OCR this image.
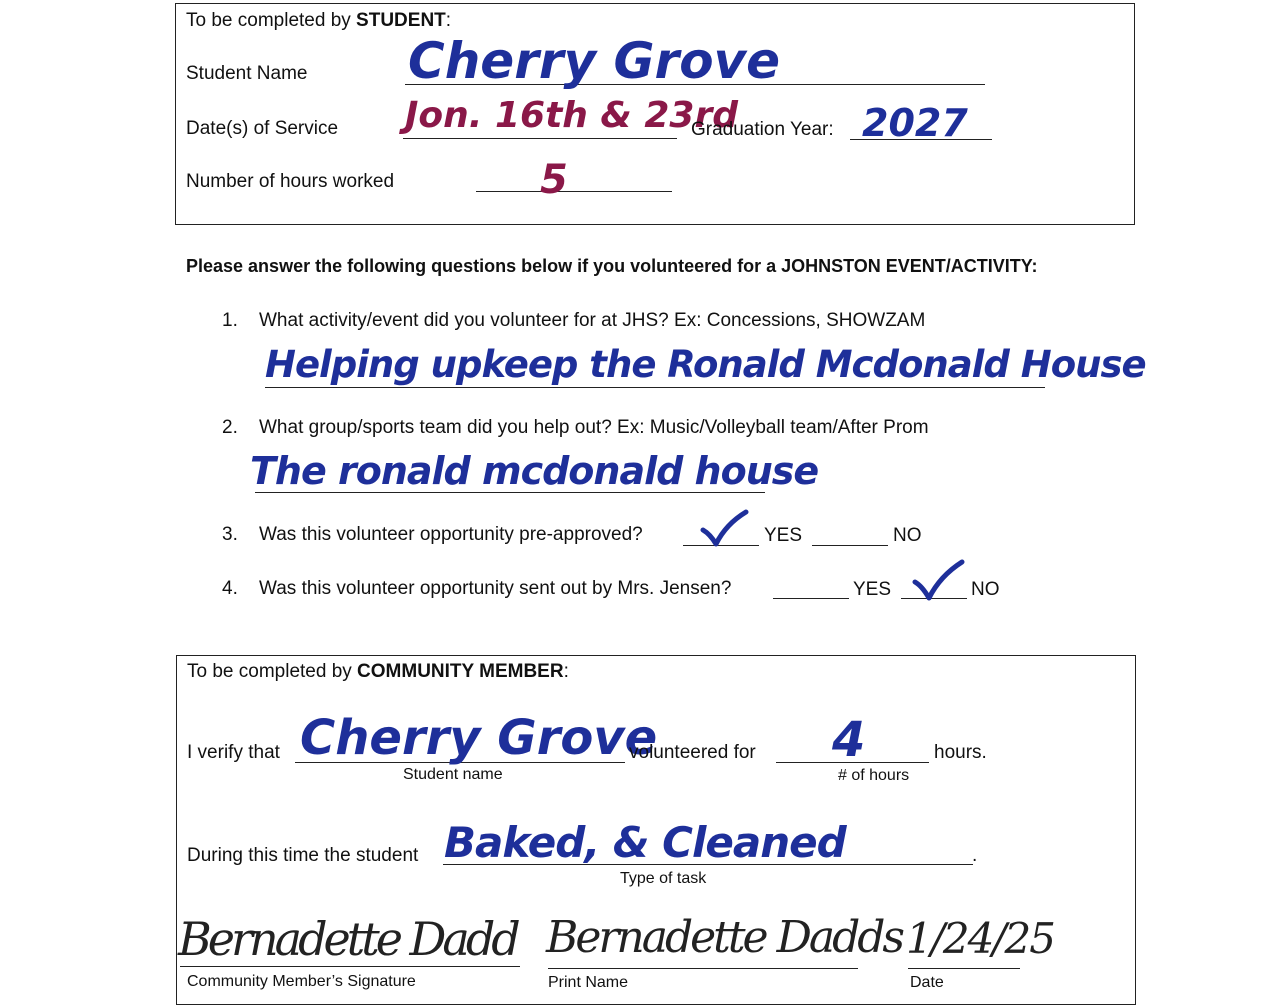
To be completed by STUDENT:
Student Name Cherry Grove
Date(s) of Service Jon. 16th & 23rd
Graduation Year: 2027
Number of hours worked	5
Please answer the following questions below if you volunteered for a JOHNSTON EVENT/ACTIVITY:
1. What activity/event did you volunteer for at JHS? Ex: Concessions, SHOWZAM
Helping upkeep the Ronald Mcdonald House
2. What group/sports team did you help out? Ex: Music/Volleyball team/After Prom
The ronald mcdonald house
3. Was this volunteer opportunity pre-approved?	YES	NO
4. Was this volunteer opportunity sent out by Mrs. Jensen?	YES	NO
To be completed by COMMUNITY MEMBER:
I verify that Cherry Grove
Student name
volunteered for 4
# of hours
hours.
During this time the student Baked, & Cleaned	.
Type of task
Bernadette Dadd
Community Member’s Signature
Bernadette Dadds
Print Name
1/24/25
Date
